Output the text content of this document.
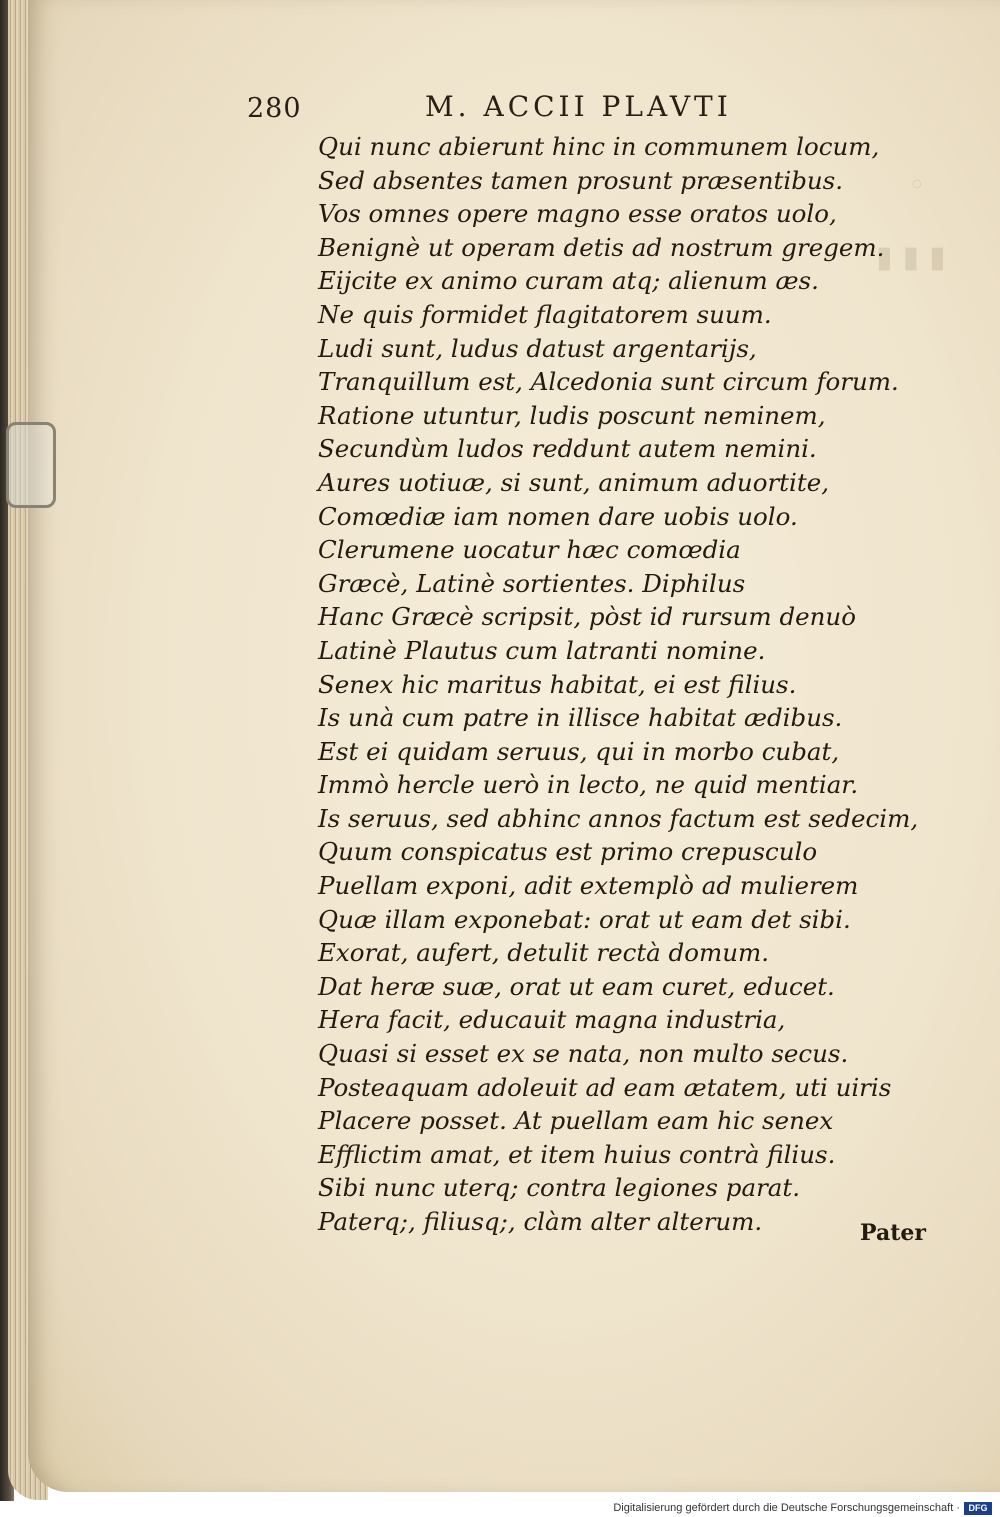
◦
▮▮▮
280	M. ACCII PLAVTI
Qui nunc abierunt hinc in communem locum,
Sed absentes tamen prosunt præsentibus.
Vos omnes opere magno esse oratos uolo,
Benignè ut operam detis ad nostrum gregem.
Eijcite ex animo curam atq; alienum æs.
Ne quis formidet flagitatorem suum.
Ludi sunt, ludus datust argentarijs,
Tranquillum est, Alcedonia sunt circum forum.
Ratione utuntur, ludis poscunt neminem,
Secundùm ludos reddunt autem nemini.
Aures uotiuæ, si sunt, animum aduortite,
Comœdiæ iam nomen dare uobis uolo.
Clerumene uocatur hæc comœdia
Græcè, Latinè sortientes. Diphilus
Hanc Græcè scripsit, pòst id rursum denuò
Latinè Plautus cum latranti nomine.
Senex hic maritus habitat, ei est filius.
Is unà cum patre in illisce habitat ædibus.
Est ei quidam seruus, qui in morbo cubat,
Immò hercle uerò in lecto, ne quid mentiar.
Is seruus, sed abhinc annos factum est sedecim,
Quum conspicatus est primo crepusculo
Puellam exponi, adit extemplò ad mulierem
Quæ illam exponebat: orat ut eam det sibi.
Exorat, aufert, detulit rectà domum.
Dat heræ suæ, orat ut eam curet, educet.
Hera facit, educauit magna industria,
Quasi si esset ex se nata, non multo secus.
Posteaquam adoleuit ad eam ætatem, uti uiris
Placere posset. At puellam eam hic senex
Efflictim amat, et item huius contrà filius.
Sibi nunc uterq; contra legiones parat.
Paterq;, filiusq;, clàm alter alterum.	Pater
Digitalisierung gefördert durch die Deutsche Forschungsgemeinschaft · DFG
